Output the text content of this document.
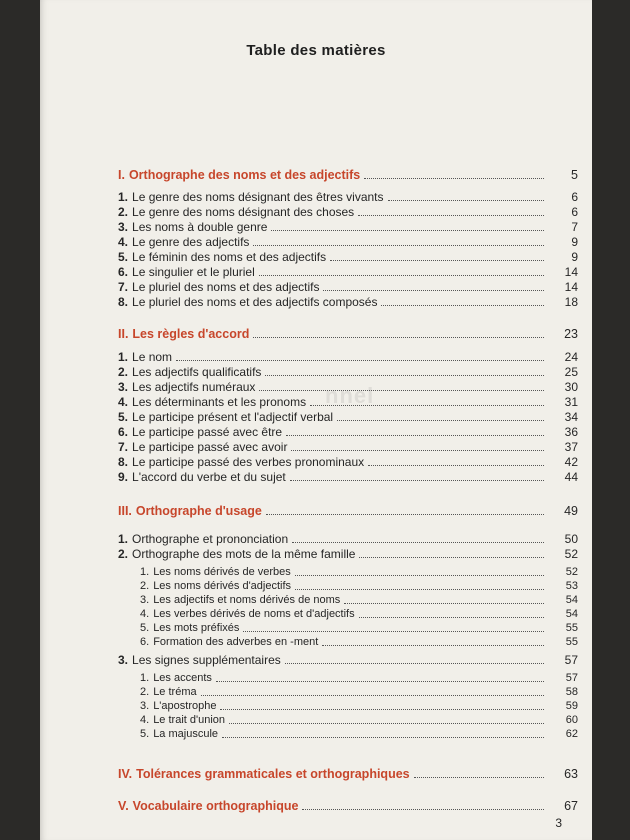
Table des matières
nnel
I. Orthographe des noms et des adjectifs	5
1. Le genre des noms désignant des êtres vivants	6
2. Le genre des noms désignant des choses	6
3. Les noms à double genre	7
4. Le genre des adjectifs	9
5. Le féminin des noms et des adjectifs	9
6. Le singulier et le pluriel	14
7. Le pluriel des noms et des adjectifs	14
8. Le pluriel des noms et des adjectifs composés	18
II. Les règles d'accord	23
1. Le nom	24
2. Les adjectifs qualificatifs	25
3. Les adjectifs numéraux	30
4. Les déterminants et les pronoms	31
5. Le participe présent et l'adjectif verbal	34
6. Le participe passé avec être	36
7. Le participe passé avec avoir	37
8. Le participe passé des verbes pronominaux	42
9. L'accord du verbe et du sujet	44
III. Orthographe d'usage	49
1. Orthographe et prononciation	50
2. Orthographe des mots de la même famille	52
1. Les noms dérivés de verbes	52
2. Les noms dérivés d'adjectifs	53
3. Les adjectifs et noms dérivés de noms	54
4. Les verbes dérivés de noms et d'adjectifs	54
5. Les mots préfixés	55
6. Formation des adverbes en -ment	55
3. Les signes supplémentaires	57
1. Les accents	57
2. Le tréma	58
3. L'apostrophe	59
4. Le trait d'union	60
5. La majuscule	62
IV. Tolérances grammaticales et orthographiques	63
V. Vocabulaire orthographique	67
3
